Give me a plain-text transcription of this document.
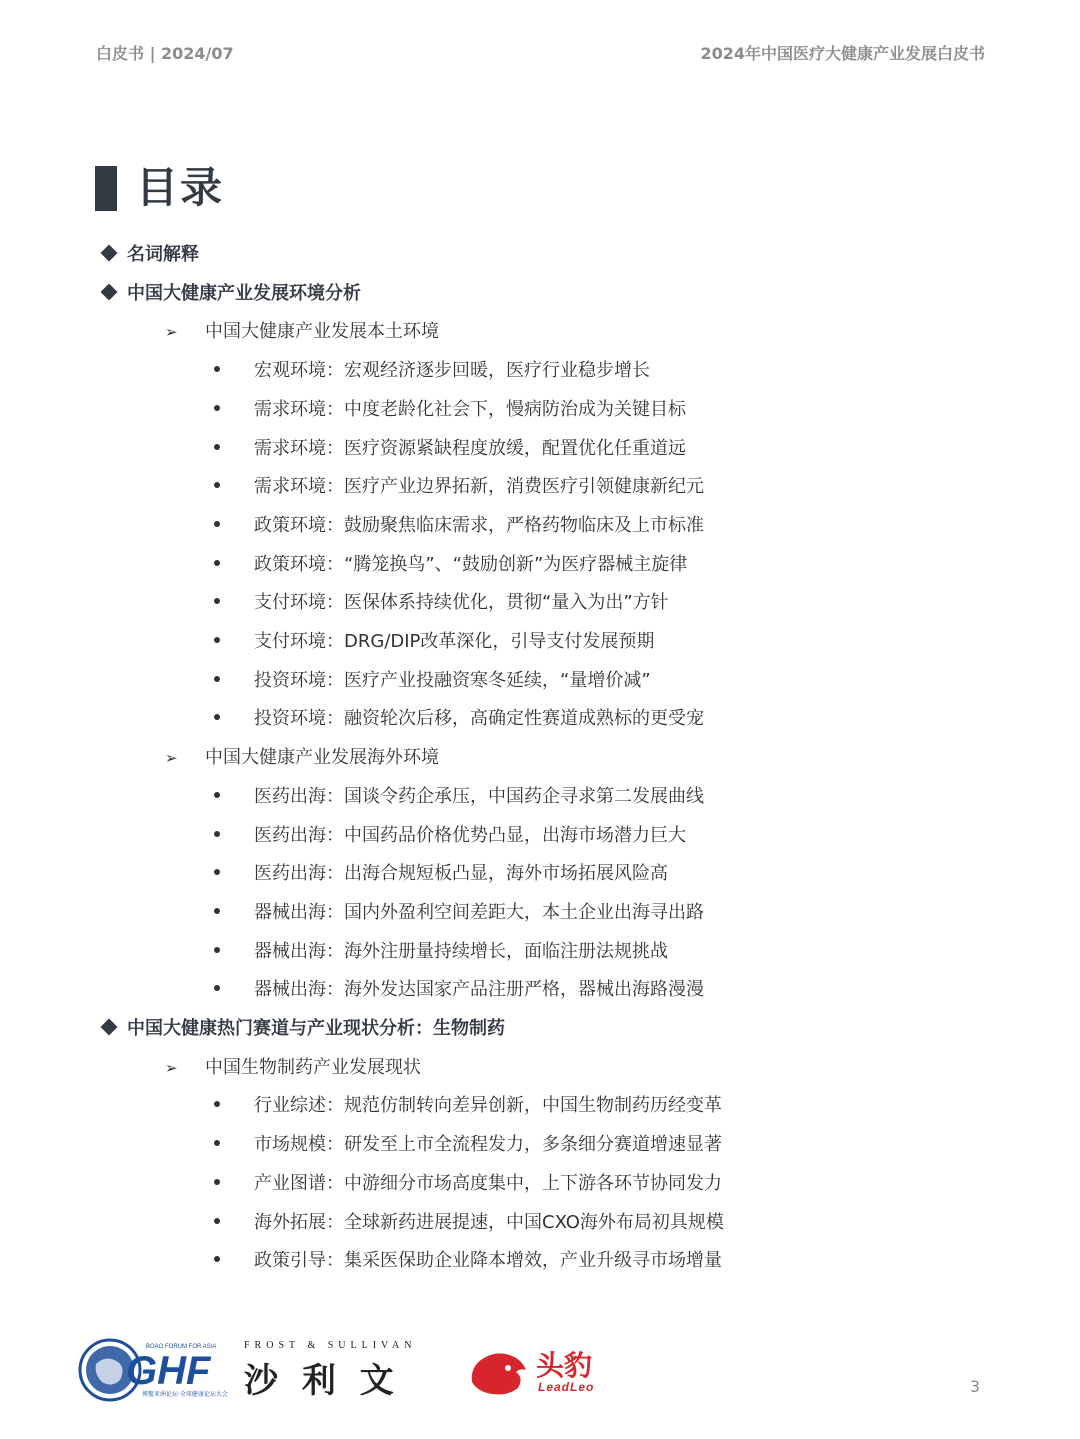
白皮书 | 2024/07	2024年中国医疗大健康产业发展白皮书
目录
名词解释
中国大健康产业发展环境分析
➢ 中国大健康产业发展本土环境
宏观环境：宏观经济逐步回暖，医疗行业稳步增长
需求环境：中度老龄化社会下，慢病防治成为关键目标
需求环境：医疗资源紧缺程度放缓，配置优化任重道远
需求环境：医疗产业边界拓新，消费医疗引领健康新纪元
政策环境：鼓励聚焦临床需求，严格药物临床及上市标准
政策环境：“腾笼换鸟”、“鼓励创新”为医疗器械主旋律
支付环境：医保体系持续优化，贯彻“量入为出”方针
支付环境：DRG/DIP改革深化，引导支付发展预期
投资环境：医疗产业投融资寒冬延续，“量增价减”
投资环境：融资轮次后移，高确定性赛道成熟标的更受宠
➢ 中国大健康产业发展海外环境
医药出海：国谈令药企承压，中国药企寻求第二发展曲线
医药出海：中国药品价格优势凸显，出海市场潜力巨大
医药出海：出海合规短板凸显，海外市场拓展风险高
器械出海：国内外盈利空间差距大，本土企业出海寻出路
器械出海：海外注册量持续增长，面临注册法规挑战
器械出海：海外发达国家产品注册严格，器械出海路漫漫
中国大健康热门赛道与产业现状分析：生物制药
➢ 中国生物制药产业发展现状
行业综述：规范仿制转向差异创新，中国生物制药历经变革
市场规模：研发至上市全流程发力，多条细分赛道增速显著
产业图谱：中游细分市场高度集中，上下游各环节协同发力
海外拓展：全球新药进展提速，中国CXO海外布局初具规模
政策引导：集采医保助企业降本增效，产业升级寻市场增量
BOAO FORUM FOR ASIA
GHF
博鳌亚洲论坛·全球健康论坛大会
FROST & SULLIVAN
沙 利 文	头豹
LeadLeo	3
